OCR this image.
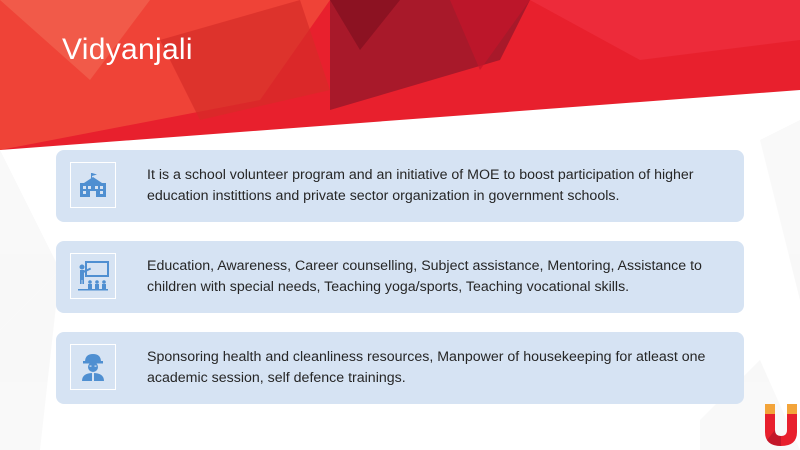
Vidyanjali
It is a school volunteer program and an initiative of MOE to boost participation of higher education instittions and private sector organization in government schools.
Education, Awareness, Career counselling, Subject assistance, Mentoring, Assistance to children with special needs, Teaching yoga/sports, Teaching vocational skills.
Sponsoring health and cleanliness resources, Manpower of housekeeping for atleast one academic session, self defence trainings.
